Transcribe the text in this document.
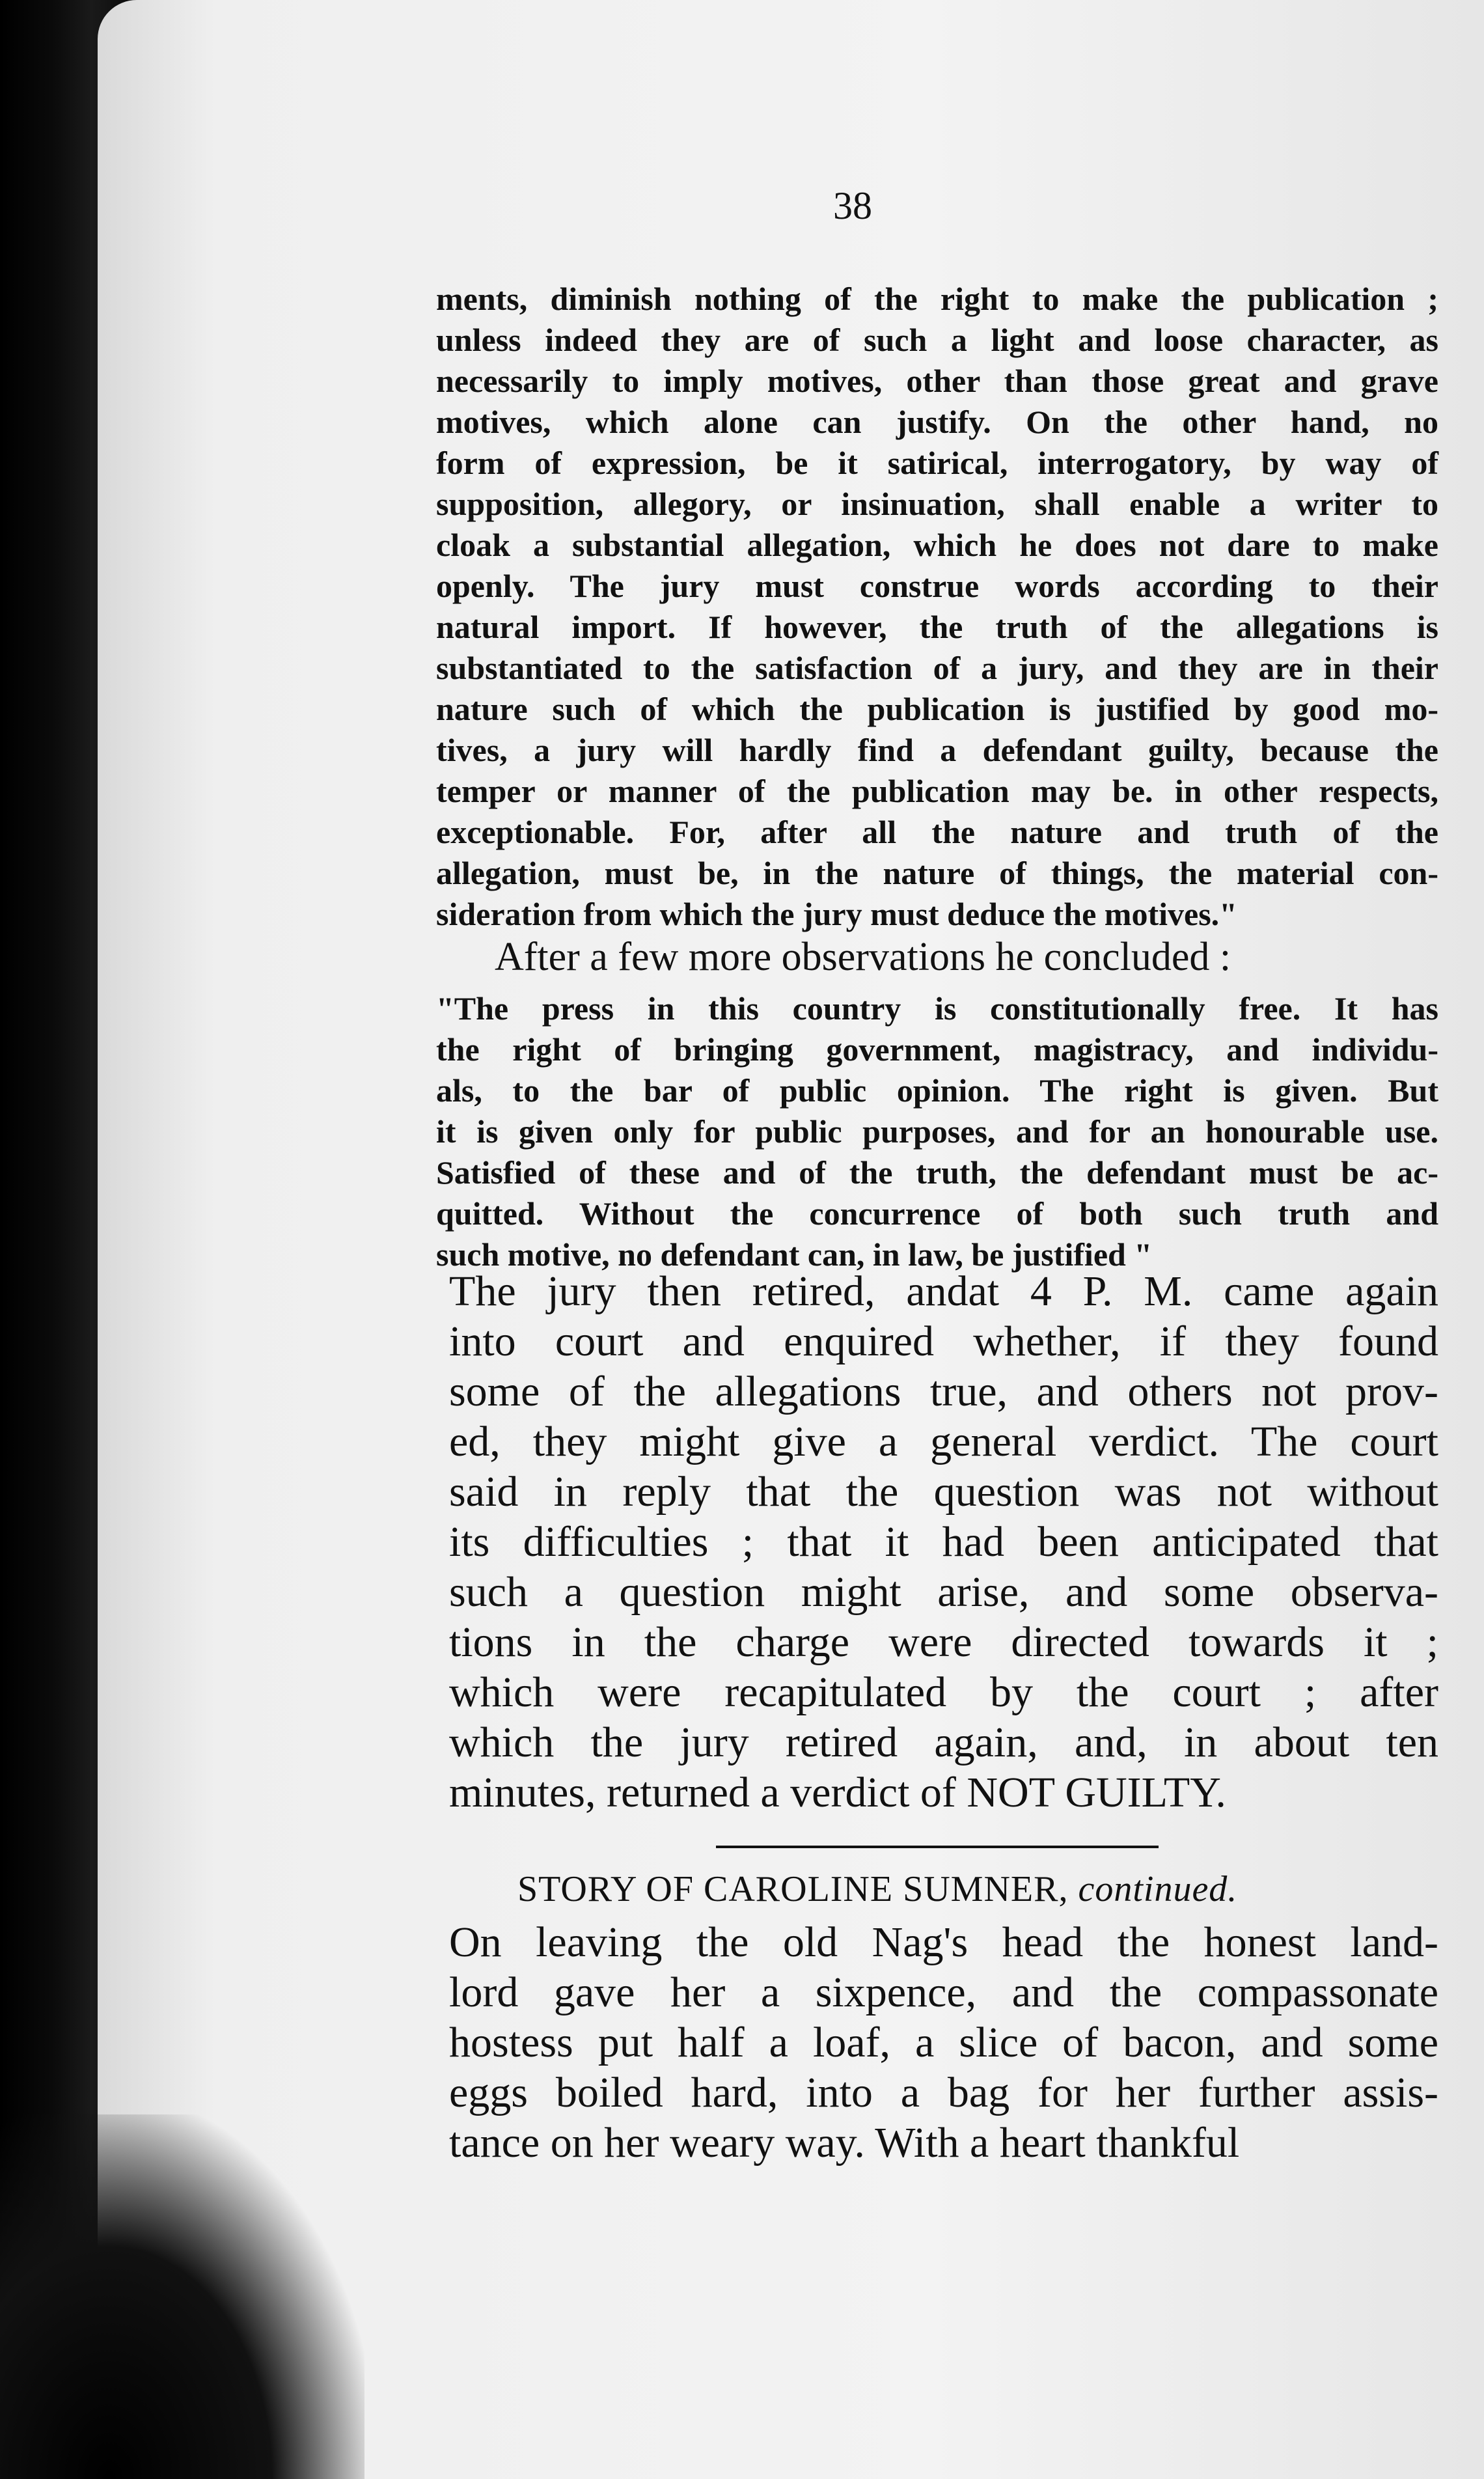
38
ments, diminish nothing of the right to make the publication ;
unless indeed they are of such a light and loose character, as
necessarily to imply motives, other than those great and grave
motives, which alone can justify. On the other hand, no
form of expression, be it satirical, interrogatory, by way of
supposition, allegory, or insinuation, shall enable a writer to
cloak a substantial allegation, which he does not dare to make
openly. The jury must construe words according to their
natural import. If however, the truth of the allegations is
substantiated to the satisfaction of a jury, and they are in their
nature such of which the publication is justified by good mo-
tives, a jury will hardly find a defendant guilty, because the
temper or manner of the publication may be. in other respects,
exceptionable. For, after all the nature and truth of the
allegation, must be, in the nature of things, the material con-
sideration from which the jury must deduce the motives."
After a few more observations he concluded :
"The press in this country is constitutionally free. It has
the right of bringing government, magistracy, and individu-
als, to the bar of public opinion. The right is given. But
it is given only for public purposes, and for an honourable use.
Satisfied of these and of the truth, the defendant must be ac-
quitted. Without the concurrence of both such truth and
such motive, no defendant can, in law, be justified "
The jury then retired, andat 4 P. M. came again
into court and enquired whether, if they found
some of the allegations true, and others not prov-
ed, they might give a general verdict. The court
said in reply that the question was not without
its difficulties ; that it had been anticipated that
such a question might arise, and some observa-
tions in the charge were directed towards it ;
which were recapitulated by the court ; after
which the jury retired again, and, in about ten
minutes, returned a verdict of NOT GUILTY.
STORY OF CAROLINE SUMNER, continued.
On leaving the old Nag's head the honest land-
lord gave her a sixpence, and the compassonate
hostess put half a loaf, a slice of bacon, and some
eggs boiled hard, into a bag for her further assis-
tance on her weary way. With a heart thankful
